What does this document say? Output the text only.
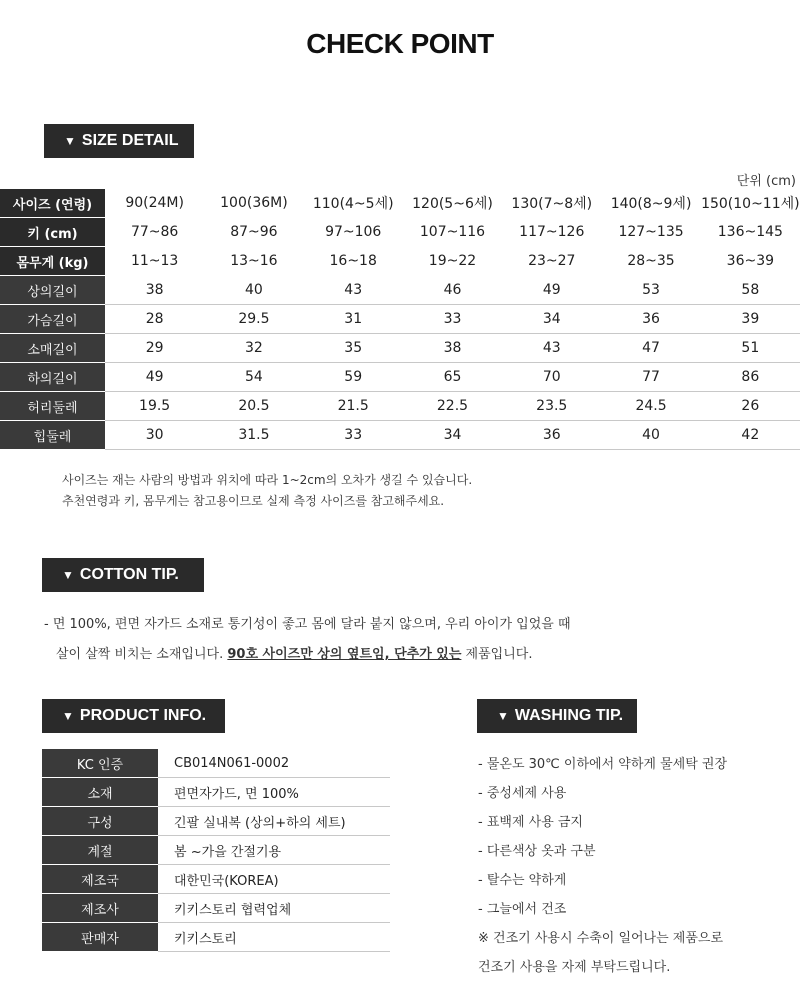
CHECK POINT
▼ SIZE DETAIL
단위 (cm)
사이즈 (연령)	90(24M)	100(36M)	110(4~5세)	120(5~6세)	130(7~8세)	140(8~9세)	150(10~11세)
키 (cm)	77~86	87~96	97~106	107~116	117~126	127~135	136~145
몸무게 (kg)	11~13	13~16	16~18	19~22	23~27	28~35	36~39
상의길이	38	40	43	46	49	53	58
가슴길이	28	29.5	31	33	34	36	39
소매길이	29	32	35	38	43	47	51
하의길이	49	54	59	65	70	77	86
허리둘레	19.5	20.5	21.5	22.5	23.5	24.5	26
힙둘레	30	31.5	33	34	36	40	42
사이즈는 재는 사람의 방법과 위치에 따라 1~2cm의 오차가 생길 수 있습니다.
추천연령과 키, 몸무게는 참고용이므로 실제 측정 사이즈를 참고해주세요.
▼ COTTON TIP.
- 면 100%, 편면 자가드 소재로 통기성이 좋고 몸에 달라 붙지 않으며, 우리 아이가 입었을 때
살이 살짝 비치는 소재입니다. 90호 사이즈만 상의 옆트임, 단추가 있는 제품입니다.
▼ PRODUCT INFO.
KC 인증	CB014N061-0002
소재	편면자가드, 면 100%
구성	긴팔 실내복 (상의+하의 세트)
계절	봄 ~가을 간절기용
제조국	대한민국(KOREA)
제조사	키키스토리 협력업체
판매자	키키스토리
▼ WASHING TIP.
- 물온도 30℃ 이하에서 약하게 물세탁 권장
- 중성세제 사용
- 표백제 사용 금지
- 다른색상 옷과 구분
- 탈수는 약하게
- 그늘에서 건조
※ 건조기 사용시 수축이 일어나는 제품으로
건조기 사용을 자제 부탁드립니다.
